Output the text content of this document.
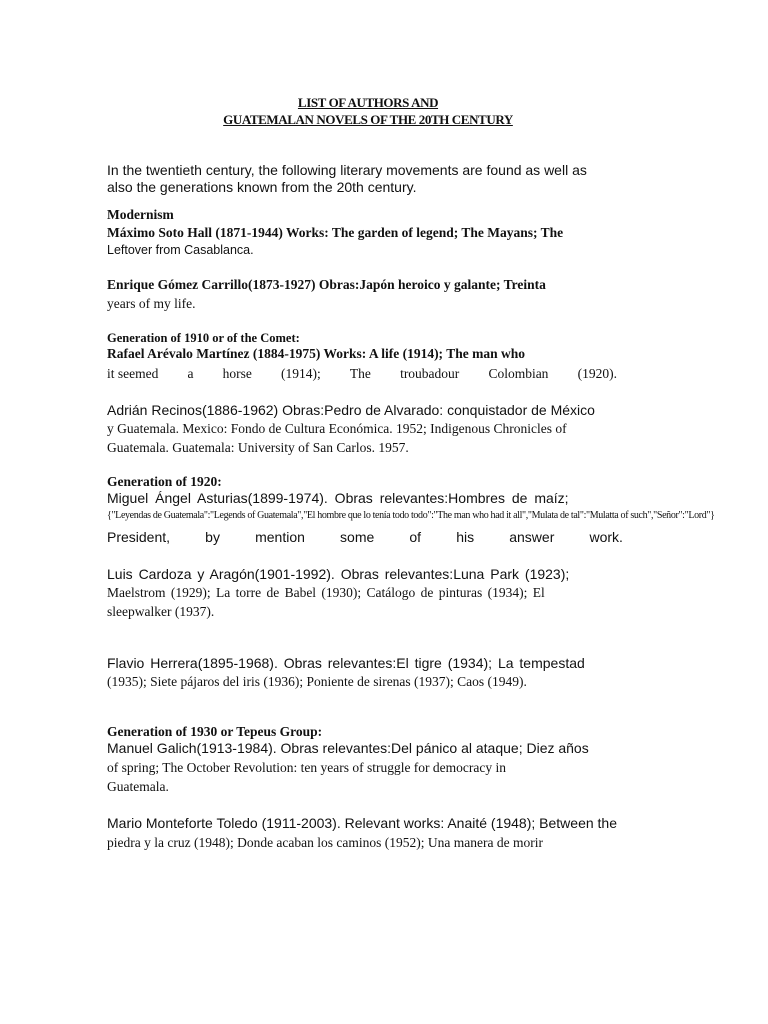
LIST OF AUTHORS AND
GUATEMALAN NOVELS OF THE 20TH CENTURY
In the twentieth century, the following literary movements are found as well as
also the generations known from the 20th century.
Modernism
Máximo Soto Hall (1871-1944) Works: The garden of legend; The Mayans; The
Leftover from Casablanca.
Enrique Gómez Carrillo(1873-1927) Obras:Japón heroico y galante; Treinta
years of my life.
Generation of 1910 or of the Comet:
Rafael Arévalo Martínez (1884-1975) Works: A life (1914); The man who
it seemed a horse (1914); The troubadour Colombian (1920).
Adrián Recinos(1886-1962) Obras:Pedro de Alvarado: conquistador de México
y Guatemala. Mexico: Fondo de Cultura Económica. 1952; Indigenous Chronicles of
Guatemala. Guatemala: University of San Carlos. 1957.
Generation of 1920:
Miguel Ángel Asturias(1899-1974). Obras relevantes:Hombres de maíz;
{"Leyendas de Guatemala":"Legends of Guatemala","El hombre que lo tenía todo todo":"The man who had it all","Mulata de tal":"Mulatta of such","Señor":"Lord"}
President,	by	mention	some	of	his	answer	work.
Luis Cardoza y Aragón(1901-1992). Obras relevantes:Luna Park (1923);
Maelstrom (1929); La torre de Babel (1930); Catálogo de pinturas (1934); El
sleepwalker (1937).
Flavio Herrera(1895-1968). Obras relevantes:El tigre (1934); La tempestad
(1935); Siete pájaros del iris (1936); Poniente de sirenas (1937); Caos (1949).
Generation of 1930 or Tepeus Group:
Manuel Galich(1913-1984). Obras relevantes:Del pánico al ataque; Diez años
of spring; The October Revolution: ten years of struggle for democracy in
Guatemala.
Mario Monteforte Toledo (1911-2003). Relevant works: Anaité (1948); Between the
piedra y la cruz (1948); Donde acaban los caminos (1952); Una manera de morir
